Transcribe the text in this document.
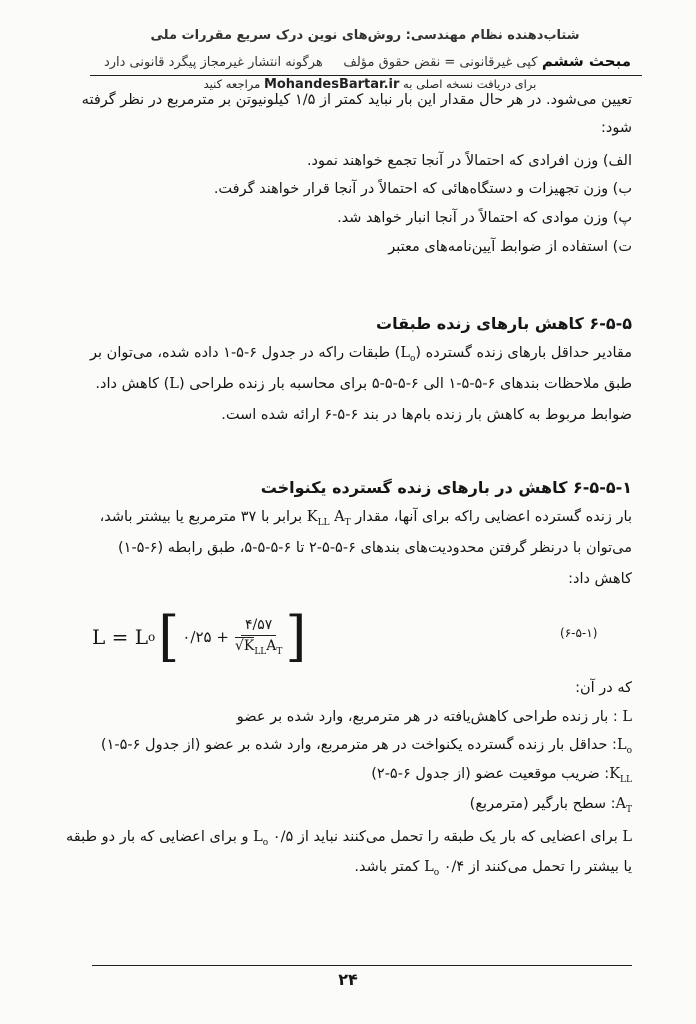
شتاب‌دهنده نظام مهندسی: روش‌های نوین درک سریع مقررات ملی
مبحث ششم کپی غیرقانونی = نقض حقوق مؤلف     هرگونه انتشار غیرمجاز پیگرد قانونی دارد
برای دریافت نسخه اصلی به MohandesBartar.ir مراجعه کنید
تعیین می‌شود. در هر حال مقدار این بار نباید کمتر از ۱/۵ کیلونیوتن بر مترمربع در نظر گرفته
شود:
الف) وزن افرادی که احتمالاً در آنجا تجمع خواهند نمود.
ب) وزن تجهیزات و دستگاه‌هائی که احتمالاً در آنجا قرار خواهند گرفت.
پ) وزن موادی که احتمالاً در آنجا انبار خواهد شد.
ت) استفاده از ضوابط آیین‌نامه‌های معتبر
۶-۵-۵ کاهش بارهای زنده طبقات
مقادیر حداقل بارهای زنده گسترده $(L_o)$ طبقات راکه در جدول ۶-۵-۱ داده شده، می‌توان بر
طبق ملاحظات بندهای ۶-۵-۵-۱ الی ۶-۵-۵-۵ برای محاسبه بار زنده طراحی (L) کاهش داد.
ضوابط مربوط به کاهش بار زنده بام‌ها در بند ۶-۵-۶ ارائه شده است.
۶-۵-۵-۱ کاهش در بارهای زنده گسترده یکنواخت
بار زنده گسترده اعضایی راکه برای آنها، مقدار $K_{LL}$ $A_T$ برابر با ۳۷ مترمربع یا بیشتر باشد،
می‌توان با درنظر گرفتن محدودیت‌های بندهای ۶-۵-۵-۲ تا ۶-۵-۵-۵، طبق رابطه (۶-۵-۱)
کاهش داد:
L = L o [ ۰/۲۵ + $\frac{۴/۵۷}{√K_{LL}A_T}$ ]	(۶-۵-۱)
که در آن:
L : بار زنده طراحی کاهش‌یافته در هر مترمربع، وارد شده بر عضو
$L_o$: حداقل بار زنده گسترده یکنواخت در هر مترمربع، وارد شده بر عضو (از جدول ۶-۵-۱)
$K_{LL}$: ضریب موقعیت عضو (از جدول ۶-۵-۲)
$A_T$: سطح بارگیر (مترمربع)
L برای اعضایی که بار یک طبقه را تحمل می‌کنند نباید از ۰/۵ $L_o$ و برای اعضایی که بار دو طبقه
یا بیشتر را تحمل می‌کنند از ۰/۴ $L_o$ کمتر باشد.
۲۴
